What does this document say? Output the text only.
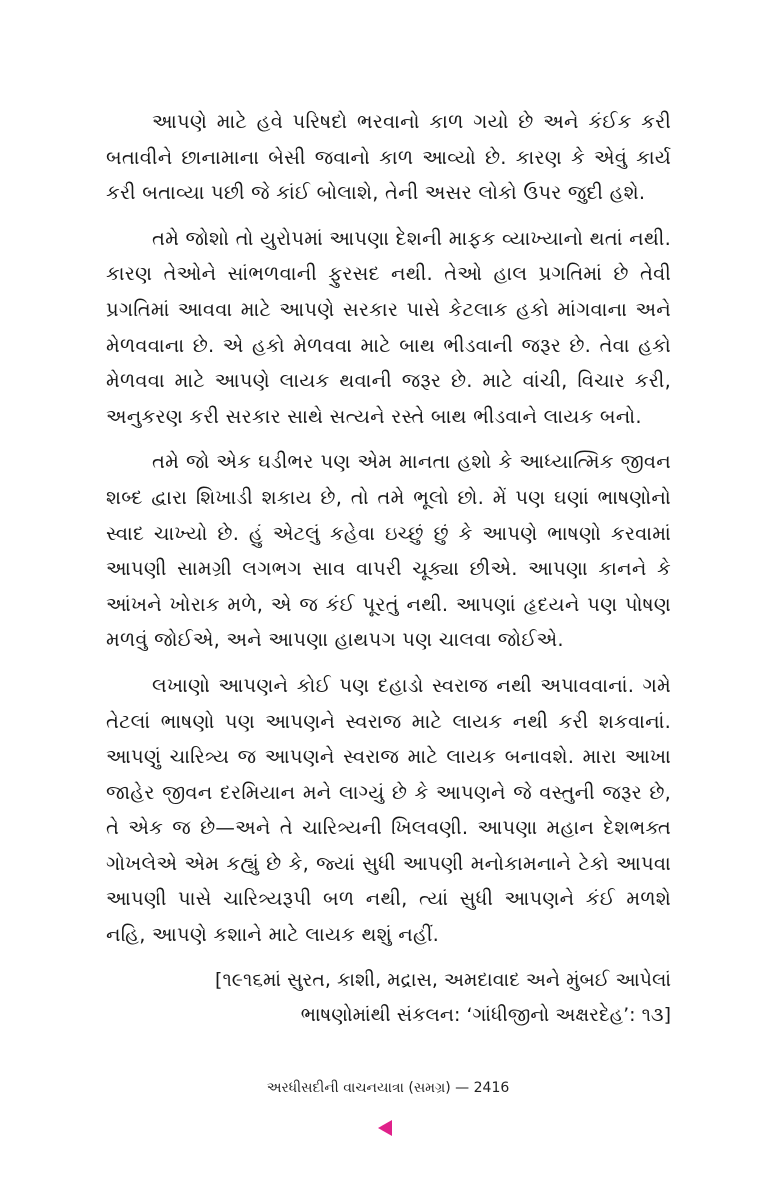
આપણે માટે હવે પરિષદો ભરવાનો કાળ ગયો છે અને કંઈક કરી બતાવીને છાનામાના બેસી જવાનો કાળ આવ્યો છે. કારણ કે એવું કાર્ય કરી બતાવ્યા પછી જે કાંઈ બોલાશે, તેની અસર લોકો ઉપર જુદી હશે.

તમે જોશો તો યુરોપમાં આપણા દેશની માફક વ્યાખ્યાનો થતાં નથી. કારણ તેઓને સાંભળવાની ફુરસદ નથી. તેઓ હાલ પ્રગતિમાં છે તેવી પ્રગતિમાં આવવા માટે આપણે સરકાર પાસે કેટલાક હકો માંગવાના અને મેળવવાના છે. એ હકો મેળવવા માટે બાથ ભીડવાની જરૂર છે. તેવા હકો મેળવવા માટે આપણે લાયક થવાની જરૂર છે. માટે વાંચી, વિચાર કરી, અનુકરણ કરી સરકાર સાથે સત્યને રસ્તે બાથ ભીડવાને લાયક બનો.

તમે જો એક ઘડીભર પણ એમ માનતા હશો કે આધ્યાત્મિક જીવન શબ્દ દ્વારા શિખાડી શકાય છે, તો તમે ભૂલો છો. મેં પણ ઘણાં ભાષણોનો સ્વાદ ચાખ્યો છે. હું એટલું કહેવા ઇચ્છું છું કે આપણે ભાષણો કરવામાં આપણી સામગ્રી લગભગ સાવ વાપરી ચૂક્યા છીએ. આપણા કાનને કે આંખને ખોરાક મળે, એ જ કંઈ પૂરતું નથી. આપણાં હૃદયને પણ પોષણ મળવું જોઈએ, અને આપણા હાથપગ પણ ચાલવા જોઈએ.

લખાણો આપણને કોઈ પણ દહાડો સ્વરાજ નથી અપાવવાનાં. ગમે તેટલાં ભાષણો પણ આપણને સ્વરાજ માટે લાયક નથી કરી શકવાનાં. આપણું ચારિત્ર્ય જ આપણને સ્વરાજ માટે લાયક બનાવશે. મારા આખા જાહેર જીવન દરમિયાન મને લાગ્યું છે કે આપણને જે વસ્તુની જરૂર છે, તે એક જ છે—અને તે ચારિત્ર્યની ખિલવણી. આપણા મહાન દેશભક્ત ગોખલેએ એમ કહ્યું છે કે, જ્યાં સુધી આપણી મનોકામનાને ટેકો આપવા આપણી પાસે ચારિત્ર્યરૂપી બળ નથી, ત્યાં સુધી આપણને કંઈ મળશે નહિ, આપણે કશાને માટે લાયક થશું નહીં.

[૧૯૧૬માં સુરત, કાશી, મદ્રાસ, અમદાવાદ અને મુંબઈ આપેલાં
ભાષણોમાંથી સંકલન: ‘ગાંધીજીનો અક્ષરદેહ’: ૧૩]
અરધીસદીની વાચનયાત્રા (સમગ્ર) — 2416
